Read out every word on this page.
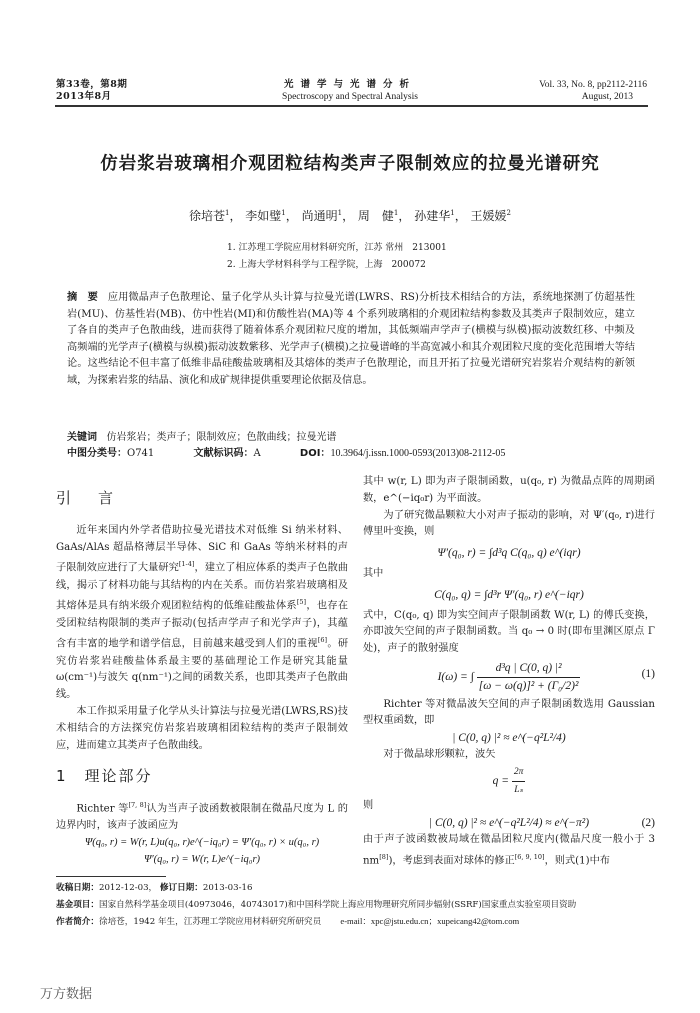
第33卷，第8期
2013年8月
光谱学与光谱分析
Spectroscopy and Spectral Analysis
Vol. 33, No. 8, pp2112-2116
August, 2013
仿岩浆岩玻璃相介观团粒结构类声子限制效应的拉曼光谱研究
徐培苍$^1$， 李如璧$^1$， 尚通明$^1$， 周　健$^1$， 孙建华$^1$， 王媛媛$^2$
1. 江苏理工学院应用材料研究所，江苏 常州　213001
2. 上海大学材料科学与工程学院，上海　200072
摘　要 应用微晶声子色散理论、量子化学从头计算与拉曼光谱(LWRS、RS)分析技术相结合的方法，系统地探测了仿超基性岩(MU)、仿基性岩(MB)、仿中性岩(MI)和仿酸性岩(MA)等 4 个系列玻璃相的介观团粒结构参数及其类声子限制效应，建立了各自的类声子色散曲线，进而获得了随着体系介观团粒尺度的增加，其低频端声学声子(横模与纵模)振动波数红移、中频及高频端的光学声子(横模与纵模)振动波数紫移、光学声子(横模)之拉曼谱峰的半高宽减小和其介观团粒尺度的变化范围增大等结论。这些结论不但丰富了低维非晶硅酸盐玻璃相及其熔体的类声子色散理论，而且开拓了拉曼光谱研究岩浆岩介观结构的新领域，为探索岩浆的结晶、演化和成矿规律提供重要理论依据及信息。
关键词 仿岩浆岩；类声子；限制效应；色散曲线；拉曼光谱
中图分类号：O741	文献标识码：A	DOI：10.3964/j.issn.1000-0593(2013)08-2112-05
引　言
近年来国内外学者借助拉曼光谱技术对低维 Si 纳米材料、GaAs/AlAs 超晶格薄层半导体、SiC 和 GaAs 等纳米材料的声子限制效应进行了大量研究[1-4]，建立了相应体系的类声子色散曲线，揭示了材料功能与其结构的内在关系。而仿岩浆岩玻璃相及其熔体是具有纳米级介观团粒结构的低维硅酸盐体系[5]，也存在受团粒结构限制的类声子振动(包括声学声子和光学声子)，其蕴含有丰富的地学和谱学信息，目前越来越受到人们的重视[6]。研究仿岩浆岩硅酸盐体系最主要的基础理论工作是研究其能量 ω(cm⁻¹)与波矢 q(nm⁻¹)之间的函数关系，也即其类声子色散曲线。
本工作拟采用量子化学从头计算法与拉曼光谱(LWRS,RS)技术相结合的方法探究仿岩浆岩玻璃相团粒结构的类声子限制效应，进而建立其类声子色散曲线。
1　理论部分
Richter 等[7, 8]认为当声子波函数被限制在微晶尺度为 L 的边界内时，该声子波函应为
Ψ(q₀, r) = W(r, L)u(q₀, r)e^(−iq₀r) = Ψ′(q₀, r) × u(q₀, r)
Ψ′(q₀, r) = W(r, L)e^(−iq₀r)
其中 w(r, L) 即为声子限制函数，u(q₀, r) 为微晶点阵的周期函数，e^(−iq₀r) 为平面波。
为了研究微晶颗粒大小对声子振动的影响，对 Ψ′(q₀, r)进行傅里叶变换，则
Ψ′(q₀, r) = ∫d³q C(q₀, q) e^(iqr)
其中
C(q₀, q) = ∫d³r Ψ′(q₀, r) e^(−iqr)
式中，C(q₀, q) 即为实空间声子限制函数 W(r, L) 的傅氏变换，亦即波矢空间的声子限制函数。当 q₀ → 0 时(即布里渊区原点 Γ 处)，声子的散射强度
I(ω) = ∫ $\frac{\text{d³q | C(0, q) |²}}{\text{[ω − ω(q)]² + (Γ₀/2)²}}$	(1)
Richter 等对微晶波矢空间的声子限制函数选用 Gaussian 型权重函数，即
| C(0, q) |² ≈ e^(−q²L²/4)
对于微晶球形颗粒，波矢
$q = \frac{2\pi}{\text{Lₛ}}$
则
| C(0, q) |² ≈ e^(−q²L²/4) ≈ e^(−π²)	(2)
由于声子波函数被局域在微晶团粒尺度内(微晶尺度一般小于 3 nm[8])，考虑到表面对球体的修正[6, 9, 10]，则式(1)中布
收稿日期：2012-12-03， 修订日期：2013-03-16
基金项目：国家自然科学基金项目(40973046，40743017)和中国科学院上海应用物理研究所同步辐射(SSRF)国家重点实验室项目资助
作者简介：徐培苍，1942 年生，江苏理工学院应用材料研究所研究员 e-mail：xpc@jstu.edu.cn；xupeicang42@tom.com
万方数据
